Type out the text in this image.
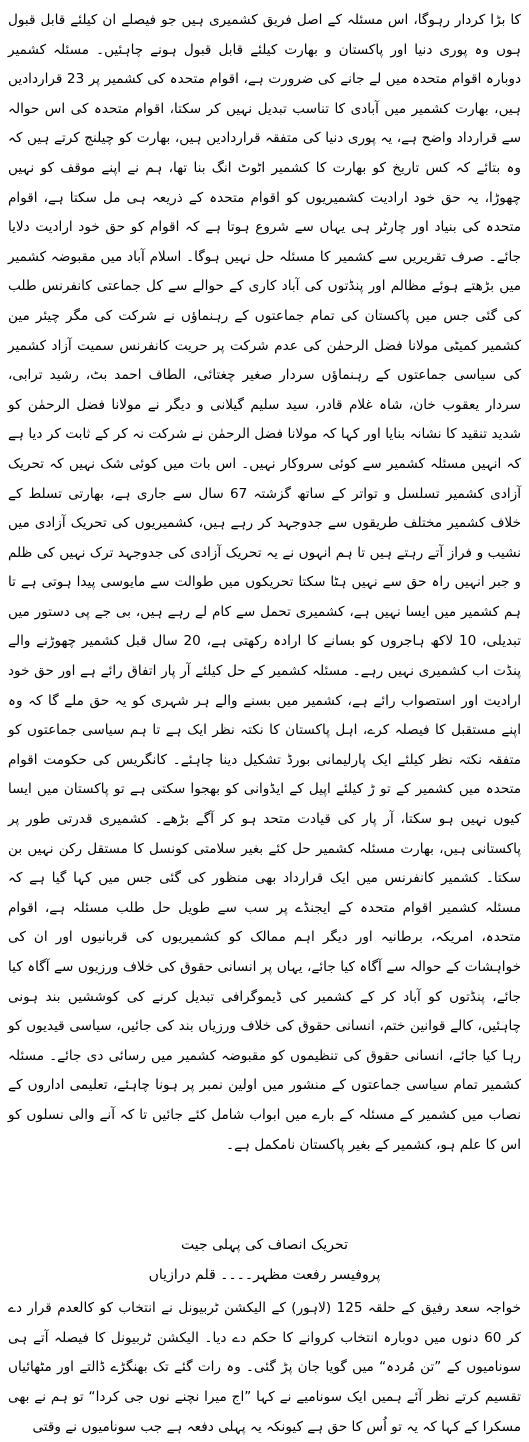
کا بڑا کردار رہوگا، اس مسئلہ کے اصل فریق کشمیری ہیں جو فیصلے ان کیلئے قابل قبول ہوں وہ پوری دنیا اور پاکستان و بھارت کیلئے قابل قبول ہونے چاہئیں۔ مسئلہ کشمیر دوبارہ اقوام متحدہ میں لے جانے کی ضرورت ہے، اقوام متحدہ کی کشمیر پر 23 قراردادیں ہیں، بھارت کشمیر میں آبادی کا تناسب تبدیل نہیں کر سکتا، اقوام متحدہ کی اس حوالہ سے قرارداد واضح ہے، یہ پوری دنیا کی متفقہ قراردادیں ہیں، بھارت کو چیلنج کرتے ہیں کہ وہ بتائے کہ کس تاریخ کو بھارت کا کشمیر اٹوٹ انگ بنا تھا، ہم نے اپنے موقف کو نہیں چھوڑا، یہ حق خود ارادیت کشمیریوں کو اقوام متحدہ کے ذریعہ ہی مل سکتا ہے، اقوام متحدہ کی بنیاد اور چارٹر ہی یہاں سے شروع ہوتا ہے کہ اقوام کو حق خود ارادیت دلایا جائے۔ صرف تقریریں سے کشمیر کا مسئلہ حل نہیں ہوگا۔ اسلام آباد میں مقبوضہ کشمیر میں بڑھتے ہوئے مظالم اور پنڈتوں کی آباد کاری کے حوالے سے کل جماعتی کانفرنس طلب کی گئی جس میں پاکستان کی تمام جماعتوں کے رہنماؤں نے شرکت کی مگر چیئر مین کشمیر کمیٹی مولانا فضل الرحمٰن کی عدم شرکت پر حریت کانفرنس سمیت آزاد کشمیر کی سیاسی جماعتوں کے رہنماؤں سردار صغیر چغتائی، الطاف احمد بٹ، رشید ترابی، سردار یعقوب خان، شاہ غلام قادر، سید سلیم گیلانی و دیگر نے مولانا فضل الرحمٰن کو شدید تنقید کا نشانہ بنایا اور کہا کہ مولانا فضل الرحمٰن نے شرکت نہ کر کے ثابت کر دیا ہے کہ انہیں مسئلہ کشمیر سے کوئی سروکار نہیں۔ اس بات میں کوئی شک نہیں کہ تحریک آزادی کشمیر تسلسل و تواتر کے ساتھ گزشتہ 67 سال سے جاری ہے، بھارتی تسلط کے خلاف کشمیر مختلف طریقوں سے جدوجہد کر رہے ہیں، کشمیریوں کی تحریک آزادی میں نشیب و فراز آتے رہتے ہیں تا ہم انہوں نے یہ تحریک آزادی کی جدوجہد ترک نہیں کی ظلم و جبر انہیں راہ حق سے نہیں ہٹا سکتا تحریکوں میں طوالت سے مایوسی پیدا ہوتی ہے تا ہم کشمیر میں ایسا نہیں ہے، کشمیری تحمل سے کام لے رہے ہیں، بی جے پی دستور میں تبدیلی، 10 لاکھ ہاجروں کو بسانے کا ارادہ رکھتی ہے، 20 سال قبل کشمیر چھوڑنے والے پنڈت اب کشمیری نہیں رہے۔ مسئلہ کشمیر کے حل کیلئے آر پار اتفاق رائے ہے اور حق خود ارادیت اور استصواب رائے ہے، کشمیر میں بسنے والے ہر شہری کو یہ حق ملے گا کہ وہ اپنے مستقبل کا فیصلہ کرے، اہل پاکستان کا نکتہ نظر ایک ہے تا ہم سیاسی جماعتوں کو متفقہ نکتہ نظر کیلئے ایک پارلیمانی بورڈ تشکیل دینا چاہئے۔ کانگریس کی حکومت اقوام متحدہ میں کشمیر کے تو ڑ کیلئے اپیل کے ایڈوانی کو بھجوا سکتی ہے تو پاکستان میں ایسا کیوں نہیں ہو سکتا، آر پار کی قیادت متحد ہو کر آگے بڑھے۔ کشمیری قدرتی طور پر پاکستانی ہیں، بھارت مسئلہ کشمیر حل کئے بغیر سلامتی کونسل کا مستقل رکن نہیں بن سکتا۔ کشمیر کانفرنس میں ایک قرارداد بھی منظور کی گئی جس میں کہا گیا ہے کہ مسئلہ کشمیر اقوام متحدہ کے ایجنڈے پر سب سے طویل حل طلب مسئلہ ہے، اقوام متحدہ، امریکہ، برطانیہ اور دیگر اہم ممالک کو کشمیریوں کی قربانیوں اور ان کی خواہشات کے حوالہ سے آگاہ کیا جائے، یہاں پر انسانی حقوق کی خلاف ورزیوں سے آگاہ کیا جائے، پنڈتوں کو آباد کر کے کشمیر کی ڈیموگرافی تبدیل کرنے کی کوششیں بند ہونی چاہئیں، کالے قوانین ختم، انسانی حقوق کی خلاف ورزیاں بند کی جائیں، سیاسی قیدیوں کو رہا کیا جائے، انسانی حقوق کی تنظیموں کو مقبوضہ کشمیر میں رسائی دی جائے۔ مسئلہ کشمیر تمام سیاسی جماعتوں کے منشور میں اولین نمبر پر ہونا چاہئے، تعلیمی اداروں کے نصاب میں کشمیر کے مسئلہ کے بارے میں ابواب شامل کئے جائیں تا کہ آنے والی نسلوں کو اس کا علم ہو، کشمیر کے بغیر پاکستان نامکمل ہے۔

تحریک انصاف کی پہلی جیت

پروفیسر رفعت مظہر۔۔۔۔ قلم درازیاں

خواجہ سعد رفیق کے حلقہ 125 (لاہور) کے الیکشن ٹربیونل نے انتخاب کو کالعدم قرار دے کر 60 دنوں میں دوبارہ انتخاب کروانے کا حکم دے دیا۔ الیکشن ٹربیونل کا فیصلہ آتے ہی سونامیوں کے ”تن مُردہ“ میں گویا جان پڑ گئی۔ وہ رات گئے تک بھنگڑے ڈالتے اور مٹھائیاں تقسیم کرتے نظر آئے ہمیں ایک سونامیے نے کہا ”اج میرا نچنے نوں جی کردا“ تو ہم نے بھی مسکرا کے کہا کہ یہ تو اُس کا حق ہے کیونکہ یہ پہلی دفعہ ہے جب سونامیوں نے وقتی
